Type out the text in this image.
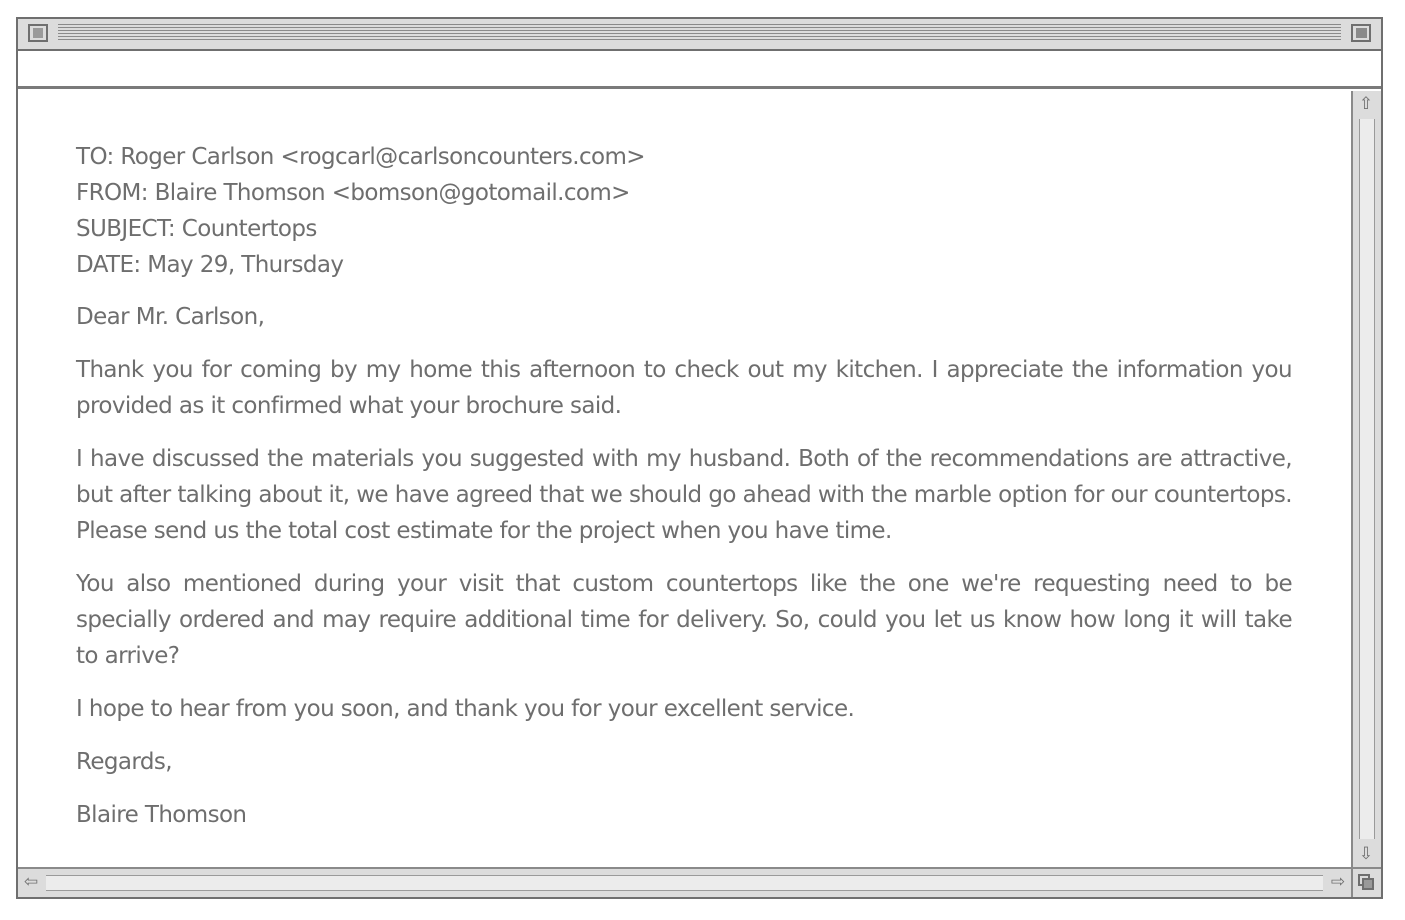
TO: Roger Carlson <rogcarl@carlsoncounters.com>

FROM: Blaire Thomson <bomson@gotomail.com>

SUBJECT: Countertops

DATE: May 29, Thursday

Dear Mr. Carlson,

Thank you for coming by my home this afternoon to check out my kitchen. I appreciate the information you provided as it confirmed what your brochure said.

I have discussed the materials you suggested with my husband. Both of the recommendations are attractive, but after talking about it, we have agreed that we should go ahead with the marble option for our countertops. Please send us the total cost estimate for the project when you have time.

You also mentioned during your visit that custom countertops like the one we're requesting need to be specially ordered and may require additional time for delivery. So, could you let us know how long it will take to arrive?

I hope to hear from you soon, and thank you for your excellent service.

Regards,

Blaire Thomson

⇧
⇩
⇦	⇨
